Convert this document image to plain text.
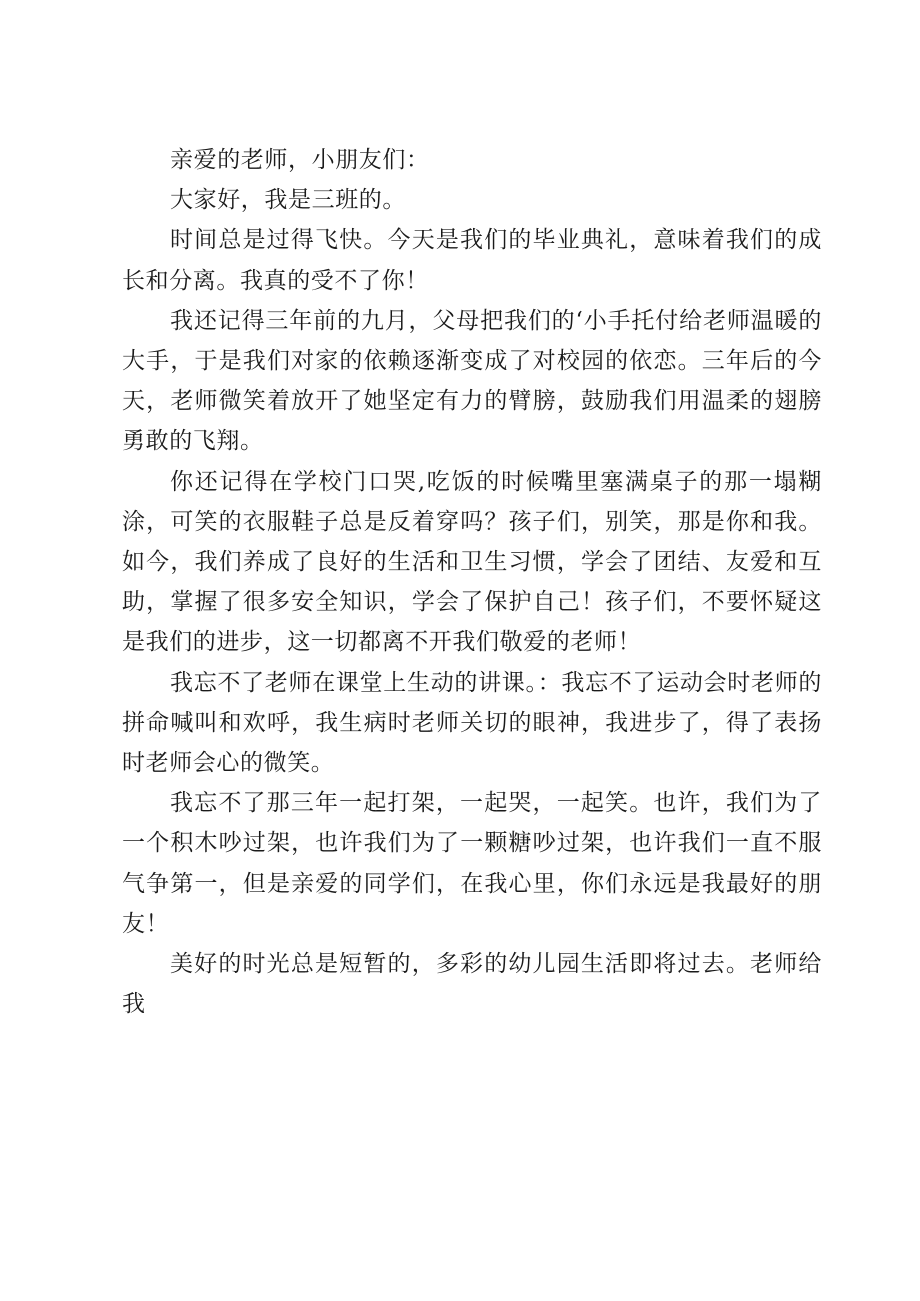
亲爱的老师，小朋友们：

大家好，我是三班的。

时间总是过得飞快。今天是我们的毕业典礼，意味着我们的成长和分离。我真的受不了你！

我还记得三年前的九月，父母把我们的‘小手托付给老师温暖的大手，于是我们对家的依赖逐渐变成了对校园的依恋。三年后的今天，老师微笑着放开了她坚定有力的臂膀，鼓励我们用温柔的翅膀勇敢的飞翔。

你还记得在学校门口哭,吃饭的时候嘴里塞满桌子的那一塌糊涂，可笑的衣服鞋子总是反着穿吗？孩子们，别笑，那是你和我。如今，我们养成了良好的生活和卫生习惯，学会了团结、友爱和互助，掌握了很多安全知识，学会了保护自己！孩子们，不要怀疑这是我们的进步，这一切都离不开我们敬爱的老师！

我忘不了老师在课堂上生动的讲课。：我忘不了运动会时老师的拼命喊叫和欢呼，我生病时老师关切的眼神，我进步了，得了表扬时老师会心的微笑。

我忘不了那三年一起打架，一起哭，一起笑。也许，我们为了一个积木吵过架，也许我们为了一颗糖吵过架，也许我们一直不服气争第一，但是亲爱的同学们，在我心里，你们永远是我最好的朋友！

美好的时光总是短暂的，多彩的幼儿园生活即将过去。老师给我
